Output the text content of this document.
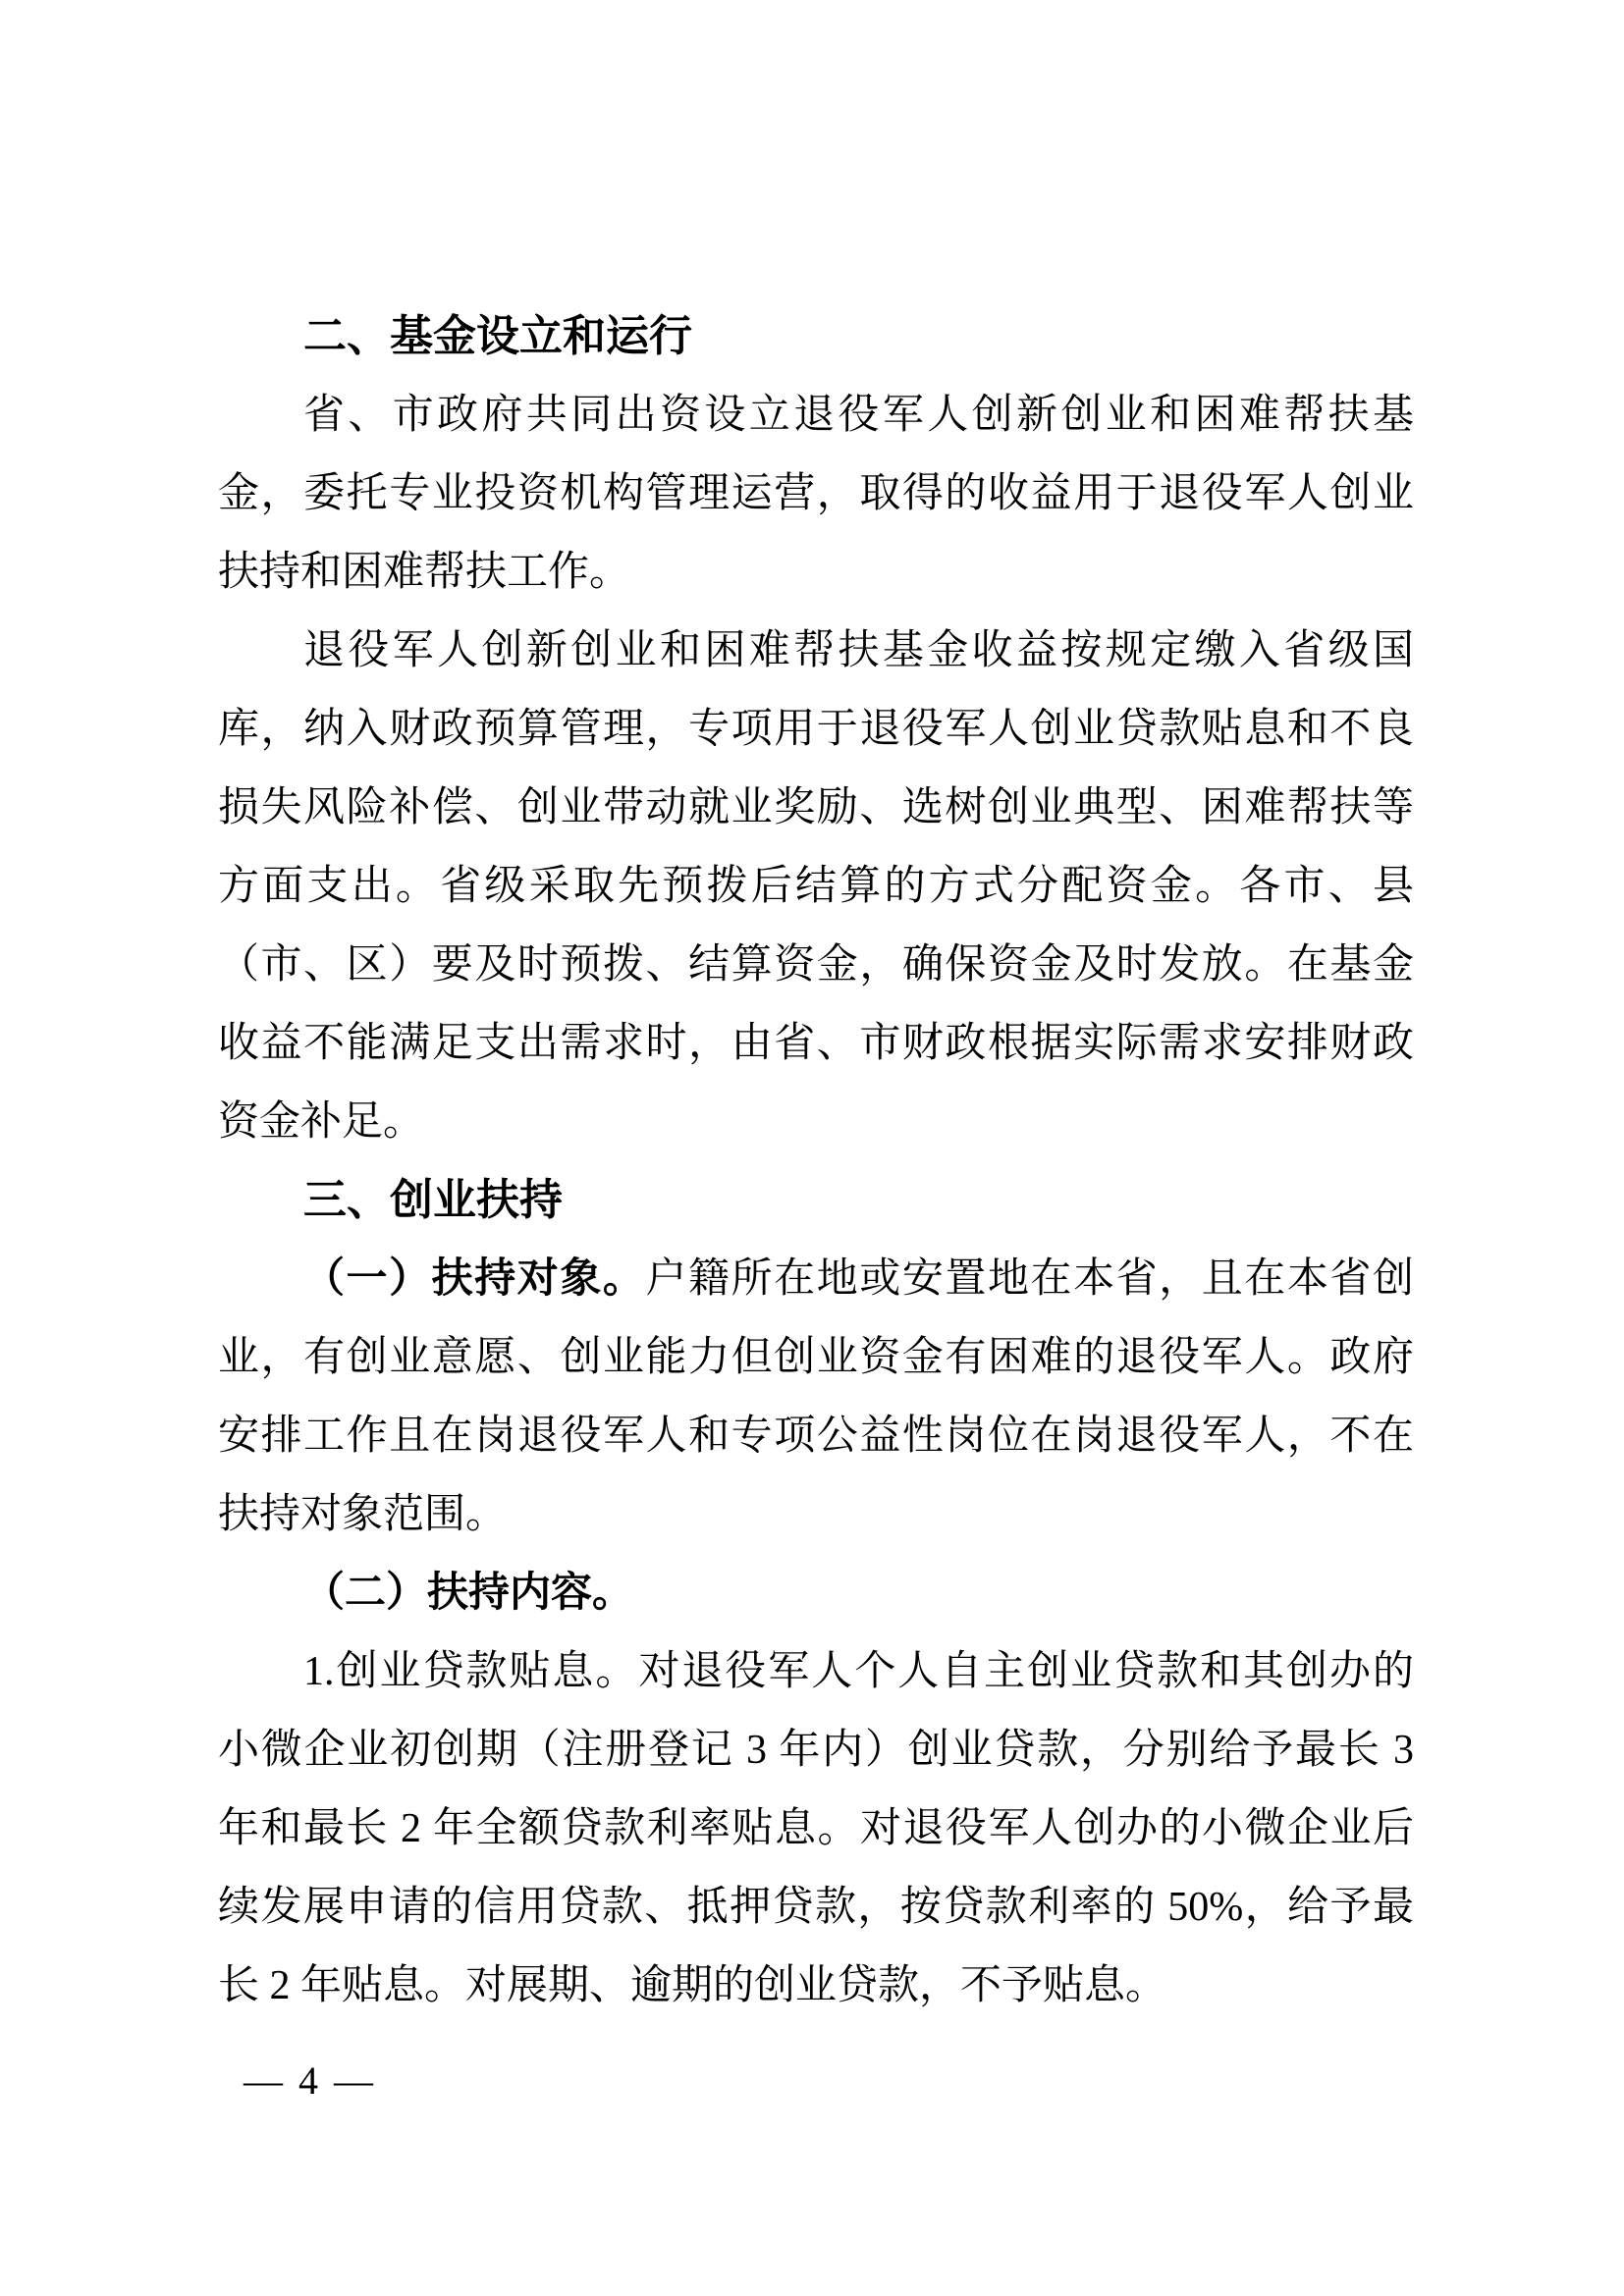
二、基金设立和运行
省、市政府共同出资设立退役军人创新创业和困难帮扶基
金，委托专业投资机构管理运营，取得的收益用于退役军人创业
扶持和困难帮扶工作。
退役军人创新创业和困难帮扶基金收益按规定缴入省级国
库，纳入财政预算管理，专项用于退役军人创业贷款贴息和不良
损失风险补偿、创业带动就业奖励、选树创业典型、困难帮扶等
方面支出。省级采取先预拨后结算的方式分配资金。各市、县
（市、区）要及时预拨、结算资金，确保资金及时发放。在基金
收益不能满足支出需求时，由省、市财政根据实际需求安排财政
资金补足。
三、创业扶持
（一）扶持对象。户籍所在地或安置地在本省，且在本省创
业，有创业意愿、创业能力但创业资金有困难的退役军人。政府
安排工作且在岗退役军人和专项公益性岗位在岗退役军人，不在
扶持对象范围。
（二）扶持内容。
1.创业贷款贴息。对退役军人个人自主创业贷款和其创办的
小微企业初创期（注册登记 3 年内）创业贷款，分别给予最长 3
年和最长 2 年全额贷款利率贴息。对退役军人创办的小微企业后
续发展申请的信用贷款、抵押贷款，按贷款利率的 50%，给予最
长 2 年贴息。对展期、逾期的创业贷款，不予贴息。
— 4 —
